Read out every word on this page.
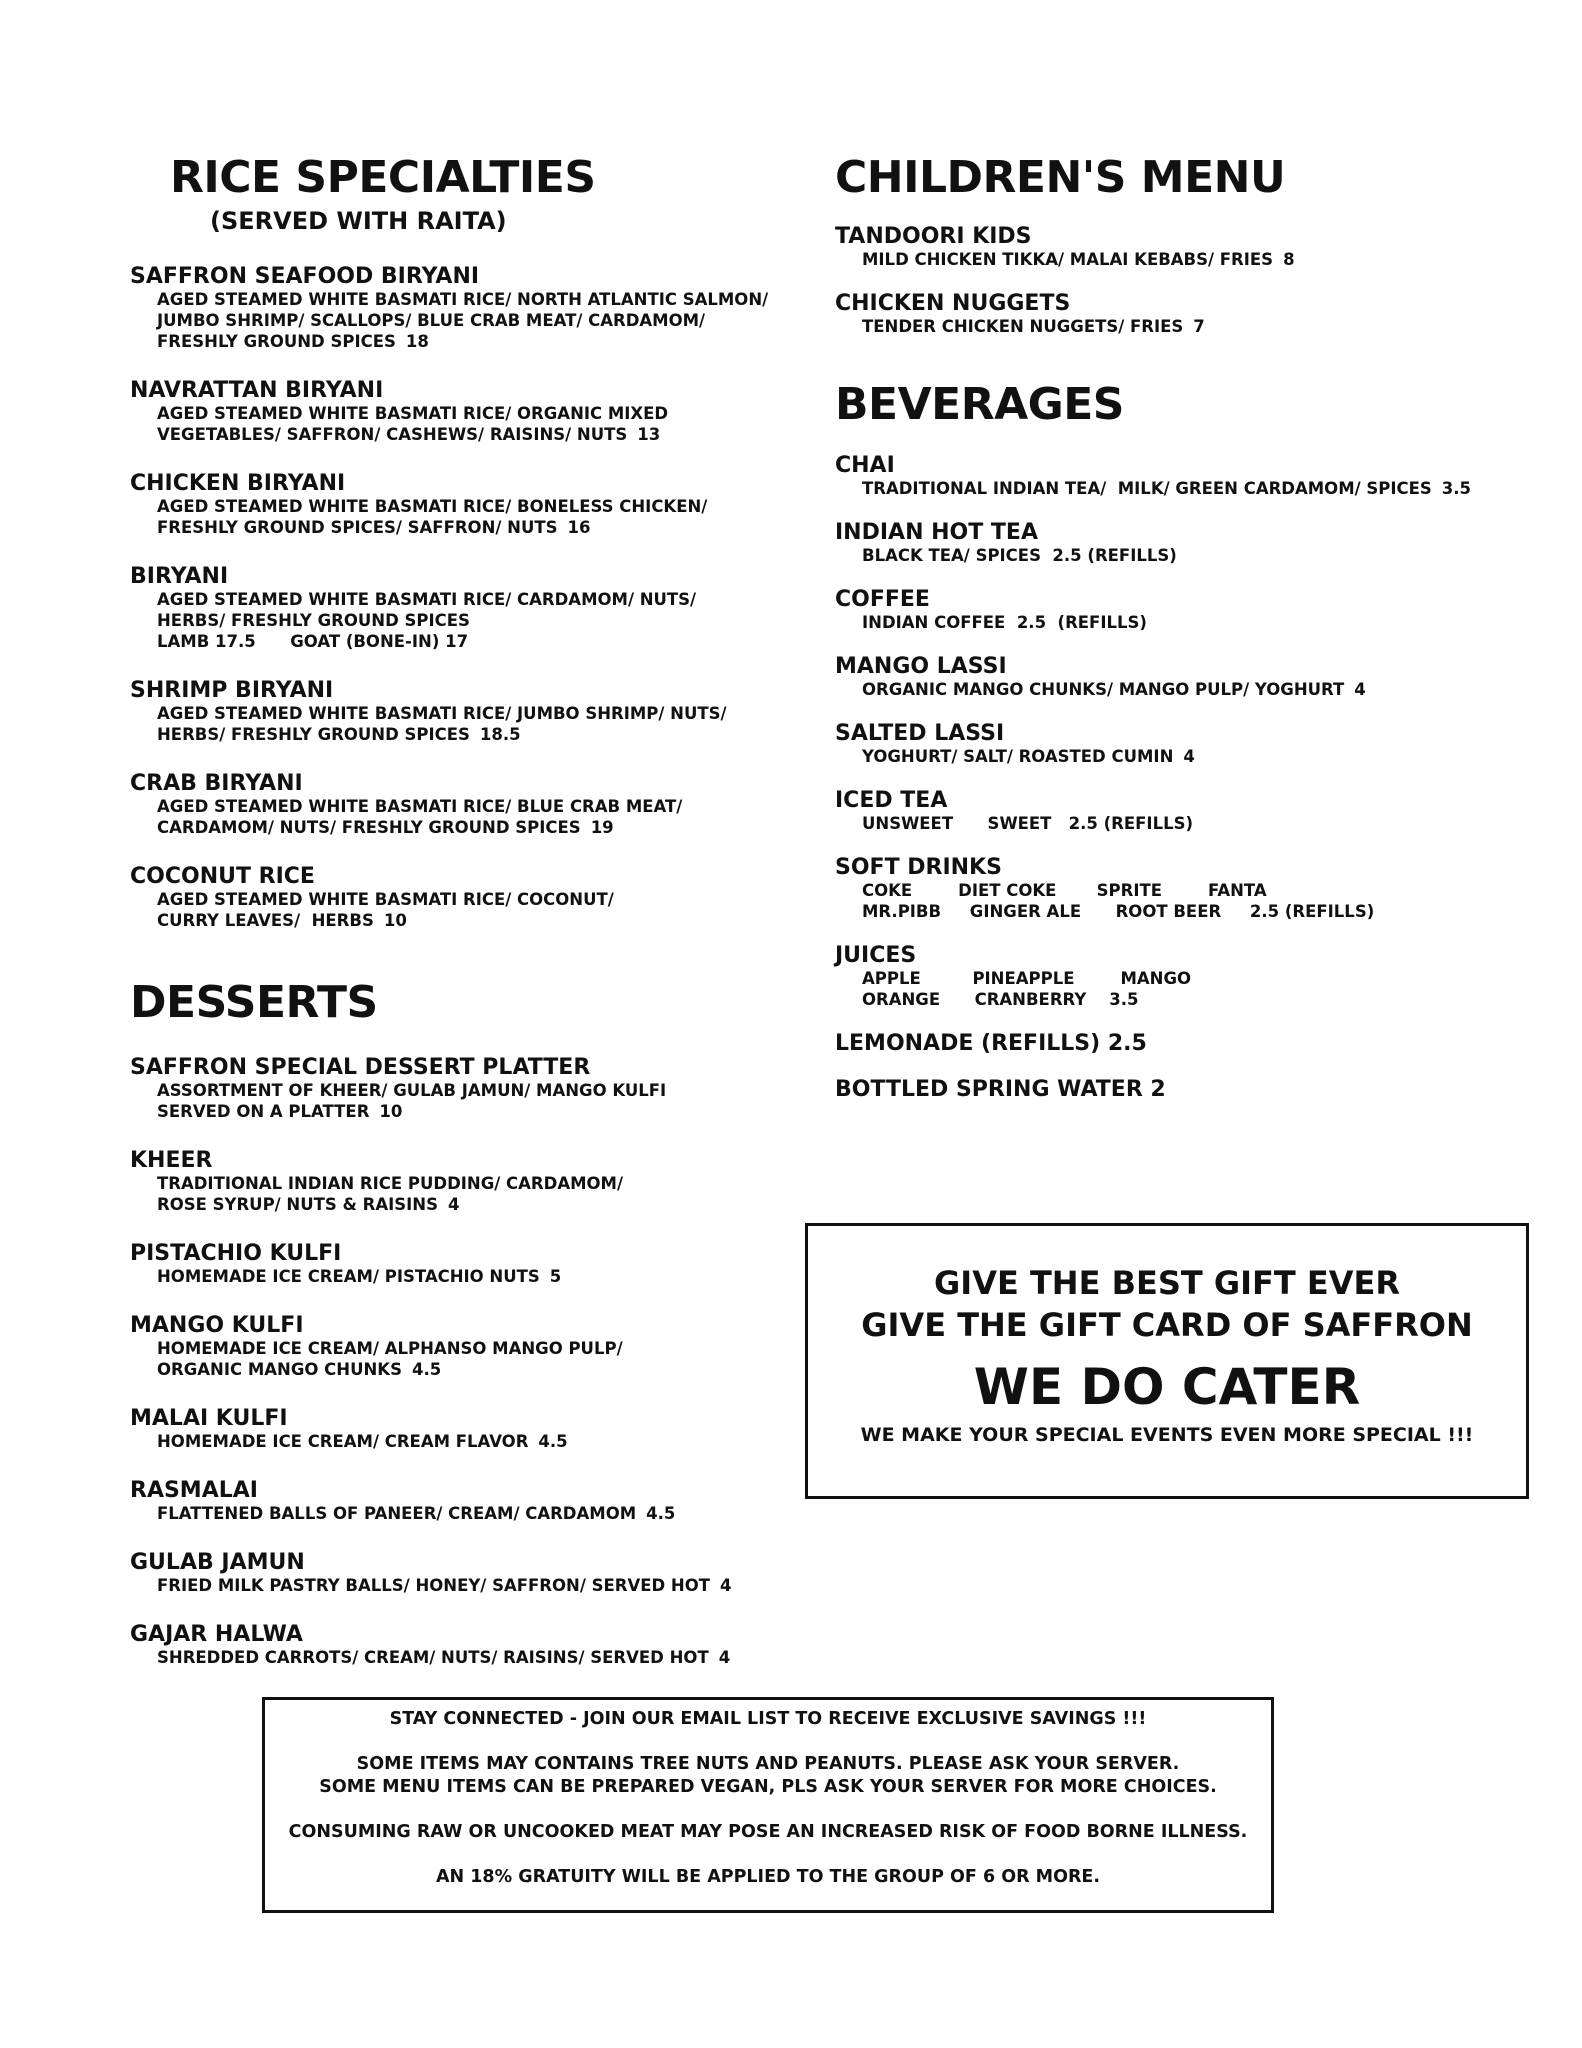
RICE SPECIALTIES
(SERVED WITH RAITA)
SAFFRON SEAFOOD BIRYANI
AGED STEAMED WHITE BASMATI RICE/ NORTH ATLANTIC SALMON/
JUMBO SHRIMP/ SCALLOPS/ BLUE CRAB MEAT/ CARDAMOM/
FRESHLY GROUND SPICES 18
NAVRATTAN BIRYANI
AGED STEAMED WHITE BASMATI RICE/ ORGANIC MIXED
VEGETABLES/ SAFFRON/ CASHEWS/ RAISINS/ NUTS 13
CHICKEN BIRYANI
AGED STEAMED WHITE BASMATI RICE/ BONELESS CHICKEN/
FRESHLY GROUND SPICES/ SAFFRON/ NUTS 16
BIRYANI
AGED STEAMED WHITE BASMATI RICE/ CARDAMOM/ NUTS/
HERBS/ FRESHLY GROUND SPICES
LAMB 17.5      GOAT (BONE-IN) 17
SHRIMP BIRYANI
AGED STEAMED WHITE BASMATI RICE/ JUMBO SHRIMP/ NUTS/
HERBS/ FRESHLY GROUND SPICES 18.5
CRAB BIRYANI
AGED STEAMED WHITE BASMATI RICE/ BLUE CRAB MEAT/
CARDAMOM/ NUTS/ FRESHLY GROUND SPICES 19
COCONUT RICE
AGED STEAMED WHITE BASMATI RICE/ COCONUT/
CURRY LEAVES/  HERBS 10
DESSERTS
SAFFRON SPECIAL DESSERT PLATTER
ASSORTMENT OF KHEER/ GULAB JAMUN/ MANGO KULFI
SERVED ON A PLATTER 10
KHEER
TRADITIONAL INDIAN RICE PUDDING/ CARDAMOM/
ROSE SYRUP/ NUTS & RAISINS 4
PISTACHIO KULFI
HOMEMADE ICE CREAM/ PISTACHIO NUTS 5
MANGO KULFI
HOMEMADE ICE CREAM/ ALPHANSO MANGO PULP/
ORGANIC MANGO CHUNKS 4.5
MALAI KULFI
HOMEMADE ICE CREAM/ CREAM FLAVOR 4.5
RASMALAI
FLATTENED BALLS OF PANEER/ CREAM/ CARDAMOM 4.5
GULAB JAMUN
FRIED MILK PASTRY BALLS/ HONEY/ SAFFRON/ SERVED HOT 4
GAJAR HALWA
SHREDDED CARROTS/ CREAM/ NUTS/ RAISINS/ SERVED HOT 4
CHILDREN'S MENU
TANDOORI KIDS
MILD CHICKEN TIKKA/ MALAI KEBABS/ FRIES 8
CHICKEN NUGGETS
TENDER CHICKEN NUGGETS/ FRIES 7
BEVERAGES
CHAI
TRADITIONAL INDIAN TEA/  MILK/ GREEN CARDAMOM/ SPICES 3.5
INDIAN HOT TEA
BLACK TEA/ SPICES  2.5 (REFILLS)
COFFEE
INDIAN COFFEE  2.5  (REFILLS)
MANGO LASSI
ORGANIC MANGO CHUNKS/ MANGO PULP/ YOGHURT 4
SALTED LASSI
YOGHURT/ SALT/ ROASTED CUMIN 4
ICED TEA
UNSWEET      SWEET   2.5 (REFILLS)
SOFT DRINKS
COKE        DIET COKE       SPRITE        FANTA
MR.PIBB     GINGER ALE      ROOT BEER     2.5 (REFILLS)
JUICES
APPLE         PINEAPPLE        MANGO
ORANGE      CRANBERRY    3.5
LEMONADE (REFILLS) 2.5
BOTTLED SPRING WATER 2
GIVE THE BEST GIFT EVER
GIVE THE GIFT CARD OF SAFFRON
WE DO CATER
WE MAKE YOUR SPECIAL EVENTS EVEN MORE SPECIAL !!!

STAY CONNECTED - JOIN OUR EMAIL LIST TO RECEIVE EXCLUSIVE SAVINGS !!!

SOME ITEMS MAY CONTAINS TREE NUTS AND PEANUTS. PLEASE ASK YOUR SERVER.

SOME MENU ITEMS CAN BE PREPARED VEGAN, PLS ASK YOUR SERVER FOR MORE CHOICES.

CONSUMING RAW OR UNCOOKED MEAT MAY POSE AN INCREASED RISK OF FOOD BORNE ILLNESS.

AN 18% GRATUITY WILL BE APPLIED TO THE GROUP OF 6 OR MORE.
